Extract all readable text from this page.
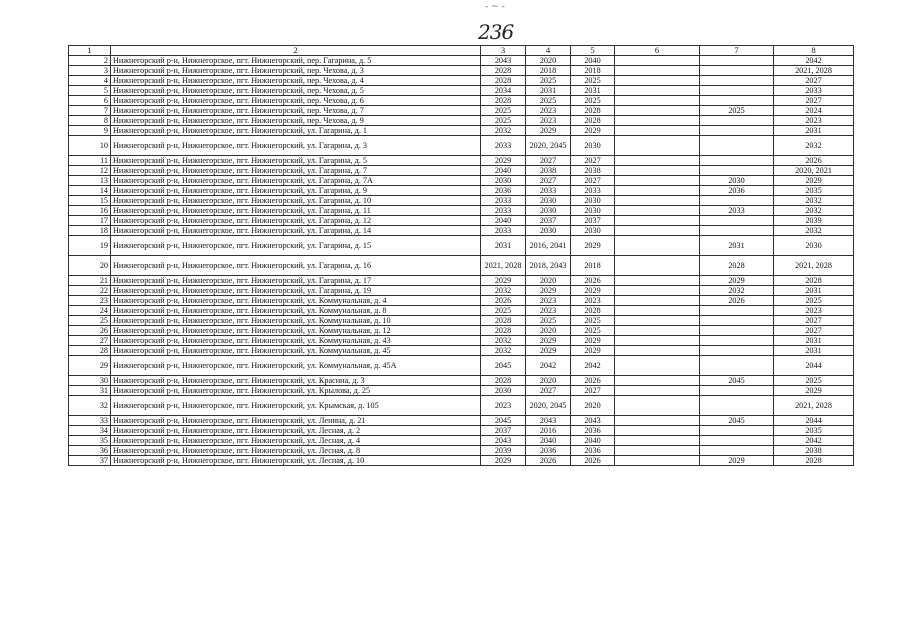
- ~ -
236
1	2	3	4	5	6	7	8
2	Нижнегорский р-н, Нижнегорское, пгт. Нижнегорский, пер. Гагарина, д. 5	2043	2020	2040			2042
3	Нижнегорский р-н, Нижнегорское, пгт. Нижнегорский, пер. Чехова, д. 3	2028	2018	2018			2021, 2028
4	Нижнегорский р-н, Нижнегорское, пгт. Нижнегорский, пер. Чехова, д. 4	2028	2025	2025			2027
5	Нижнегорский р-н, Нижнегорское, пгт. Нижнегорский, пер. Чехова, д. 5	2034	2031	2031			2033
6	Нижнегорский р-н, Нижнегорское, пгт. Нижнегорский, пер. Чехова, д. 6	2028	2025	2025			2027
7	Нижнегорский р-н, Нижнегорское, пгт. Нижнегорский, пер. Чехова, д. 7	2025	2023	2028		2025	2024
8	Нижнегорский р-н, Нижнегорское, пгт. Нижнегорский, пер. Чехова, д. 9	2025	2023	2028			2023
9	Нижнегорский р-н, Нижнегорское, пгт. Нижнегорский, ул. Гагарина, д. 1	2032	2029	2029			2031
10	Нижнегорский р-н, Нижнегорское, пгт. Нижнегорский, ул. Гагарина, д. 3	2033	2020, 2045	2030			2032
11	Нижнегорский р-н, Нижнегорское, пгт. Нижнегорский, ул. Гагарина, д. 5	2029	2027	2027			2026
12	Нижнегорский р-н, Нижнегорское, пгт. Нижнегорский, ул. Гагарина, д. 7	2040	2038	2038			2020, 2021
13	Нижнегорский р-н, Нижнегорское, пгт. Нижнегорский, ул. Гагарина, д. 7А	2030	2027	2027		2030	2029
14	Нижнегорский р-н, Нижнегорское, пгт. Нижнегорский, ул. Гагарина, д. 9	2036	2033	2033		2036	2035
15	Нижнегорский р-н, Нижнегорское, пгт. Нижнегорский, ул. Гагарина, д. 10	2033	2030	2030			2032
16	Нижнегорский р-н, Нижнегорское, пгт. Нижнегорский, ул. Гагарина, д. 11	2033	2030	2030		2033	2032
17	Нижнегорский р-н, Нижнегорское, пгт. Нижнегорский, ул. Гагарина, д. 12	2040	2037	2037			2039
18	Нижнегорский р-н, Нижнегорское, пгт. Нижнегорский, ул. Гагарина, д. 14	2033	2030	2030			2032
19	Нижнегорский р-н, Нижнегорское, пгт. Нижнегорский, ул. Гагарина, д. 15	2031	2016, 2041	2029		2031	2030
20	Нижнегорский р-н, Нижнегорское, пгт. Нижнегорский, ул. Гагарина, д. 16	2021, 2028	2018, 2043	2018		2028	2021, 2028
21	Нижнегорский р-н, Нижнегорское, пгт. Нижнегорский, ул. Гагарина, д. 17	2029	2020	2026		2029	2028
22	Нижнегорский р-н, Нижнегорское, пгт. Нижнегорский, ул. Гагарина, д. 19	2032	2029	2029		2032	2031
23	Нижнегорский р-н, Нижнегорское, пгт. Нижнегорский, ул. Коммунальная, д. 4	2026	2023	2023		2026	2025
24	Нижнегорский р-н, Нижнегорское, пгт. Нижнегорский, ул. Коммунальная, д. 8	2025	2023	2028			2023
25	Нижнегорский р-н, Нижнегорское, пгт. Нижнегорский, ул. Коммунальная, д. 10	2028	2025	2025			2027
26	Нижнегорский р-н, Нижнегорское, пгт. Нижнегорский, ул. Коммунальная, д. 12	2028	2020	2025			2027
27	Нижнегорский р-н, Нижнегорское, пгт. Нижнегорский, ул. Коммунальная, д. 43	2032	2029	2029			2031
28	Нижнегорский р-н, Нижнегорское, пгт. Нижнегорский, ул. Коммунальная, д. 45	2032	2029	2029			2031
29	Нижнегорский р-н, Нижнегорское, пгт. Нижнегорский, ул. Коммунальная, д. 45А	2045	2042	2042			2044
30	Нижнегорский р-н, Нижнегорское, пгт. Нижнегорский, ул. Красина, д. 3	2028	2020	2026		2045	2025
31	Нижнегорский р-н, Нижнегорское, пгт. Нижнегорский, ул. Крылова, д. 25	2030	2027	2027			2029
32	Нижнегорский р-н, Нижнегорское, пгт. Нижнегорский, ул. Крымская, д. 105	2023	2020, 2045	2020			2021, 2028
33	Нижнегорский р-н, Нижнегорское, пгт. Нижнегорский, ул. Ленина, д. 21	2045	2043	2043		2045	2044
34	Нижнегорский р-н, Нижнегорское, пгт. Нижнегорский, ул. Лесная, д. 2	2037	2016	2036			2035
35	Нижнегорский р-н, Нижнегорское, пгт. Нижнегорский, ул. Лесная, д. 4	2043	2040	2040			2042
36	Нижнегорский р-н, Нижнегорское, пгт. Нижнегорский, ул. Лесная, д. 8	2039	2036	2036			2038
37	Нижнегорский р-н, Нижнегорское, пгт. Нижнегорский, ул. Лесная, д. 10	2029	2026	2026		2029	2028
